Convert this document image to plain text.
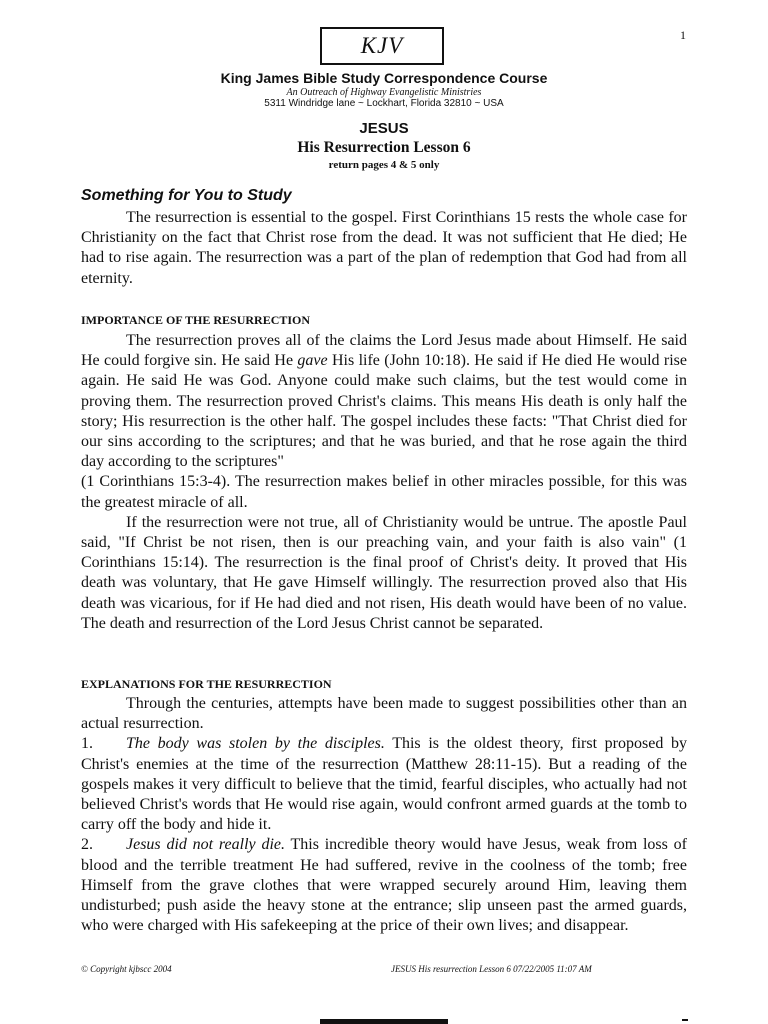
1
KJV
King James Bible Study Correspondence Course
An Outreach of Highway Evangelistic Ministries
5311 Windridge lane ~ Lockhart, Florida 32810 ~ USA
JESUS
His Resurrection Lesson 6
return pages 4 & 5 only
Something for You to Study

The resurrection is essential to the gospel. First Corinthians 15 rests the whole case for Christianity on the fact that Christ rose from the dead. It was not sufficient that He died; He had to rise again. The resurrection was a part of the plan of redemption that God had from all eternity.

IMPORTANCE OF THE RESURRECTION

The resurrection proves all of the claims the Lord Jesus made about Himself. He said He could forgive sin. He said He gave His life (John 10:18). He said if He died He would rise again. He said He was God. Anyone could make such claims, but the test would come in proving them. The resurrection proved Christ's claims. This means His death is only half the story; His resurrection is the other half. The gospel includes these facts: "That Christ died for our sins according to the scriptures; and that he was buried, and that he rose again the third day according to the scriptures"

(1 Corinthians 15:3-4). The resurrection makes belief in other miracles possible, for this was the greatest miracle of all.

If the resurrection were not true, all of Christianity would be untrue. The apostle Paul said, "If Christ be not risen, then is our preaching vain, and your faith is also vain" (1 Corinthians 15:14). The resurrection is the final proof of Christ's deity. It proved that His death was voluntary, that He gave Himself willingly. The resurrection proved also that His death was vicarious, for if He had died and not risen, His death would have been of no value. The death and resurrection of the Lord Jesus Christ cannot be separated.

EXPLANATIONS FOR THE RESURRECTION

Through the centuries, attempts have been made to suggest possibilities other than an actual resurrection.

1. The body was stolen by the disciples. This is the oldest theory, first proposed by Christ's enemies at the time of the resurrection (Matthew 28:11-15). But a reading of the gospels makes it very difficult to believe that the timid, fearful disciples, who actually had not believed Christ's words that He would rise again, would confront armed guards at the tomb to carry off the body and hide it.

2. Jesus did not really die. This incredible theory would have Jesus, weak from loss of blood and the terrible treatment He had suffered, revive in the coolness of the tomb; free Himself from the grave clothes that were wrapped securely around Him, leaving them undisturbed; push aside the heavy stone at the entrance; slip unseen past the armed guards, who were charged with His safekeeping at the price of their own lives; and disappear.

© Copyright kjbscc 2004	JESUS His resurrection Lesson 6 07/22/2005 11:07 AM
